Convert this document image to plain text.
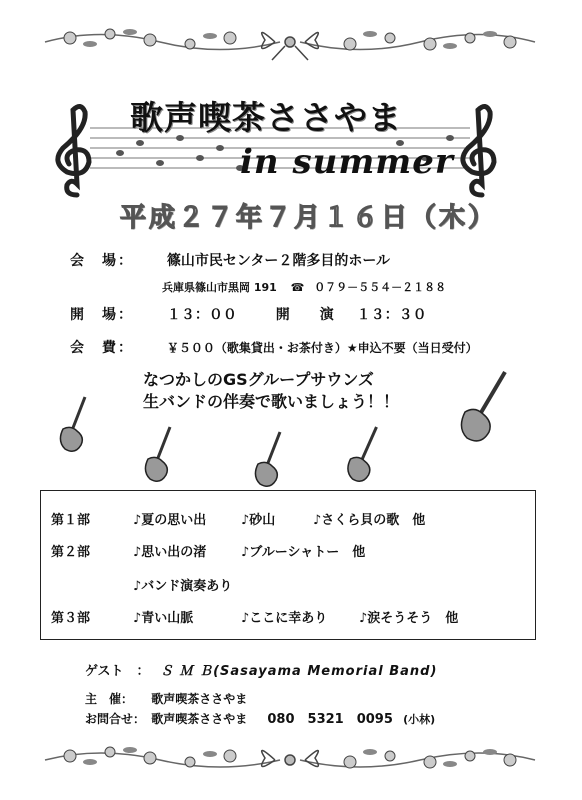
歌声喫茶ささやま
in summer
平成２７年７月１６日（木）
会　場： 篠山市民センター２階多目的ホール
兵庫県篠山市黒岡 191 ☎ ０７９－５５４－２１８８
開　場： １３：００	開　演 １３：３０
会　費：	￥５００（歌集貸出・お茶付き）★申込不要（当日受付）
なつかしのGSグループサウンズ
生バンドの伴奏で歌いましょう！！
第１部	♪夏の思い出	♪砂山	♪さくら貝の歌　他
第２部	♪思い出の渚	♪ブルーシャトー　他
♪バンド演奏あり
第３部	♪青い山脈	♪ここに幸あり ♪涙そうそう　他
ゲスト　： Ｓ Ｍ Ｂ(Sasayama Memorial Band)
主　催： 歌声喫茶ささやま
お問合せ： 歌声喫茶ささやま 080　5321　0095 (小林)
